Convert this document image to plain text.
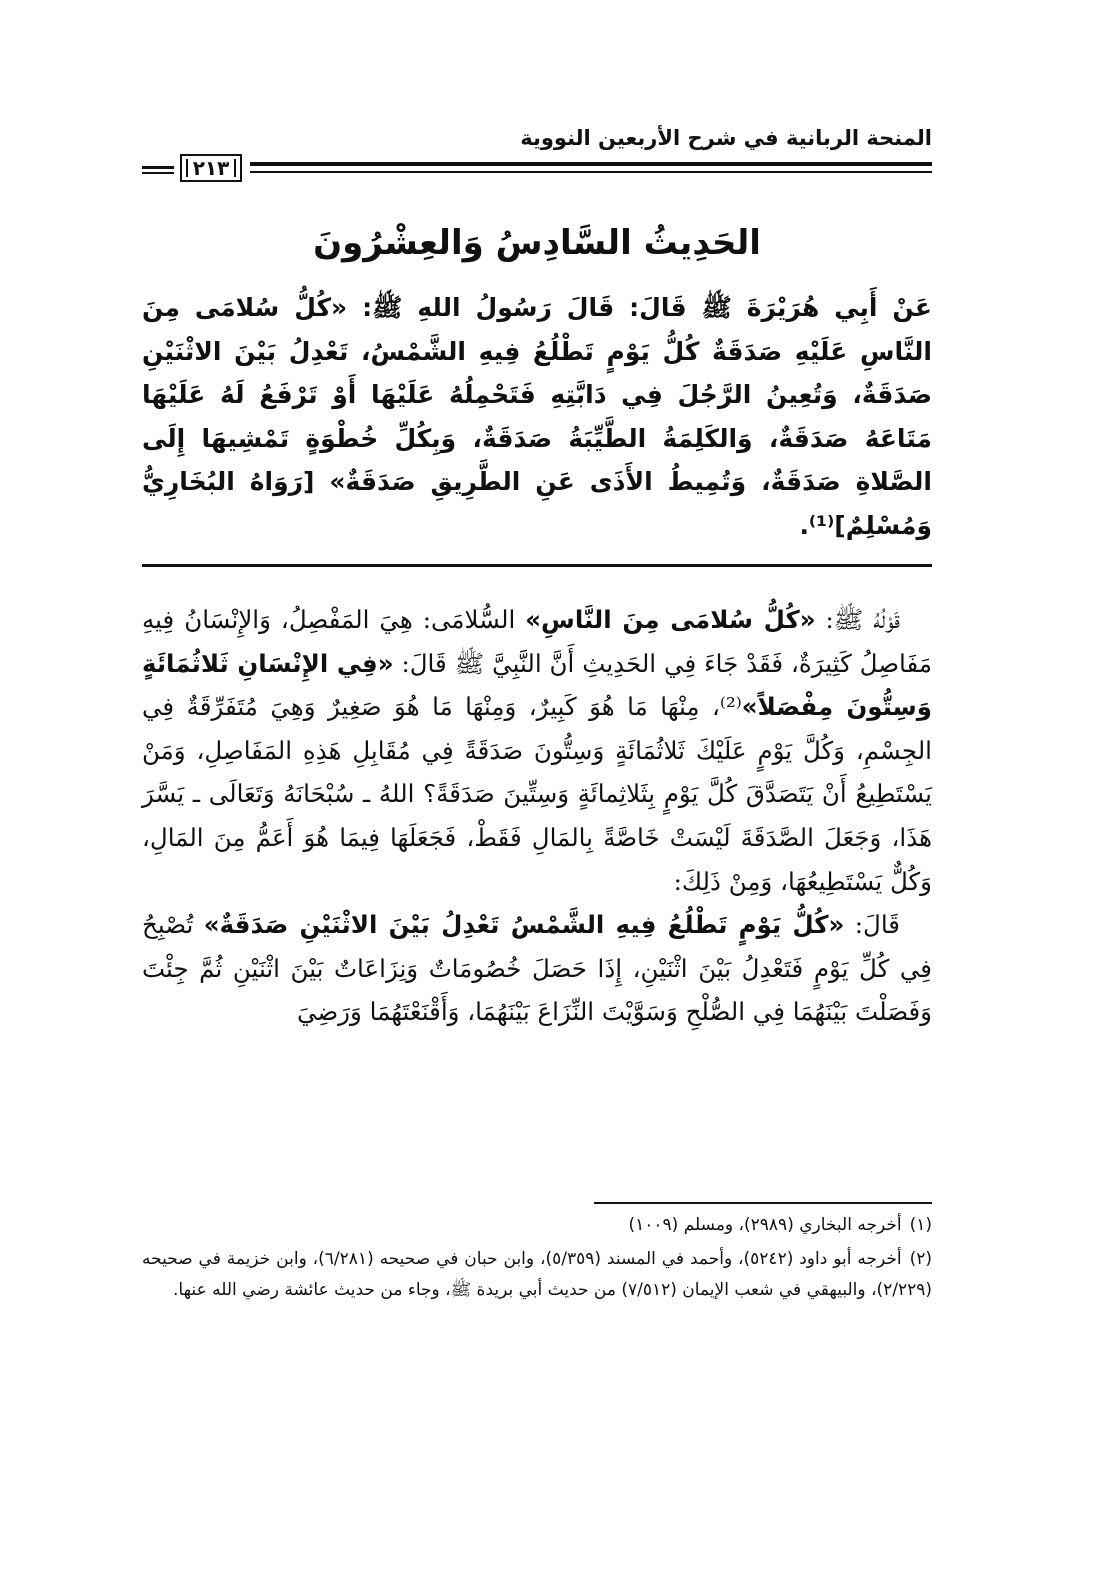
المنحة الربانية في شرح الأربعين النووية
٢١٣
الحَدِيثُ السَّادِسُ وَالعِشْرُونَ

عَنْ أَبِي هُرَيْرَةَ ﷺ قَالَ: قَالَ رَسُولُ اللهِ ﷺ: «كُلُّ سُلامَى مِنَ النَّاسِ عَلَيْهِ صَدَقَةٌ كُلُّ يَوْمٍ تَطْلُعُ فِيهِ الشَّمْسُ، تَعْدِلُ بَيْنَ الاثْنَيْنِ صَدَقَةٌ، وَتُعِينُ الرَّجُلَ فِي دَابَّتِهِ فَتَحْمِلُهُ عَلَيْهَا أَوْ تَرْفَعُ لَهُ عَلَيْهَا مَتَاعَهُ صَدَقَةٌ، وَالكَلِمَةُ الطَّيِّبَةُ صَدَقَةٌ، وَبِكُلِّ خُطْوَةٍ تَمْشِيهَا إِلَى الصَّلاةِ صَدَقَةٌ، وَتُمِيطُ الأَذَى عَنِ الطَّرِيقِ صَدَقَةٌ» [رَوَاهُ البُخَارِيُّ وَمُسْلِمٌ]⁽¹⁾.

قَوْلُهُ ﷺ: «كُلُّ سُلامَى مِنَ النَّاسِ» السُّلامَى: هِيَ المَفْصِلُ، وَالإِنْسَانُ فِيهِ مَفَاصِلُ كَثِيرَةٌ، فَقَدْ جَاءَ فِي الحَدِيثِ أَنَّ النَّبِيَّ ﷺ قَالَ: «فِي الإِنْسَانِ ثَلاثُمَائَةٍ وَسِتُّونَ مِفْصَلاً»⁽²⁾، مِنْهَا مَا هُوَ كَبِيرٌ، وَمِنْهَا مَا هُوَ صَغِيرٌ وَهِيَ مُتَفَرِّقَةٌ فِي الجِسْمِ، وَكُلَّ يَوْمٍ عَلَيْكَ ثَلاثُمَائَةٍ وَسِتُّونَ صَدَقَةً فِي مُقَابِلِ هَذِهِ المَفَاصِلِ، وَمَنْ يَسْتَطِيعُ أَنْ يَتَصَدَّقَ كُلَّ يَوْمٍ بِثَلاثِمائَةٍ وَسِتِّينَ صَدَقَةً؟ اللهُ ـ سُبْحَانَهُ وَتَعَالَى ـ يَسَّرَ هَذَا، وَجَعَلَ الصَّدَقَةَ لَيْسَتْ خَاصَّةً بِالمَالِ فَقَطْ، فَجَعَلَهَا فِيمَا هُوَ أَعَمُّ مِنَ المَالِ، وَكُلٌّ يَسْتَطِيعُهَا، وَمِنْ ذَلِكَ:

قَالَ: «كُلُّ يَوْمٍ تَطْلُعُ فِيهِ الشَّمْسُ تَعْدِلُ بَيْنَ الاثْنَيْنِ صَدَقَةٌ» تُصْبِحُ فِي كُلِّ يَوْمٍ فَتَعْدِلُ بَيْنَ اثْنَيْنِ، إِذَا حَصَلَ خُصُومَاتٌ وَنِزَاعَاتٌ بَيْنَ اثْنَيْنِ ثُمَّ جِئْتَ وَفَصَلْتَ بَيْنَهُمَا فِي الصُّلْحِ وَسَوَّيْتَ النِّزَاعَ بَيْنَهُمَا، وَأَقْنَعْتَهُمَا وَرَضِيَ

(١)أخرجه البخاري (٢٩٨٩)، ومسلم (١٠٠٩)

(٢)أخرجه أبو داود (٥٢٤٢)، وأحمد في المسند (٥/٣٥٩)، وابن حبان في صحيحه (٦/٢٨١)، وابن خزيمة في صحيحه (٢/٢٢٩)، والبيهقي في شعب الإيمان (٧/٥١٢) من حديث أبي بريدة ﷺ، وجاء من حديث عائشة رضي الله عنها.
